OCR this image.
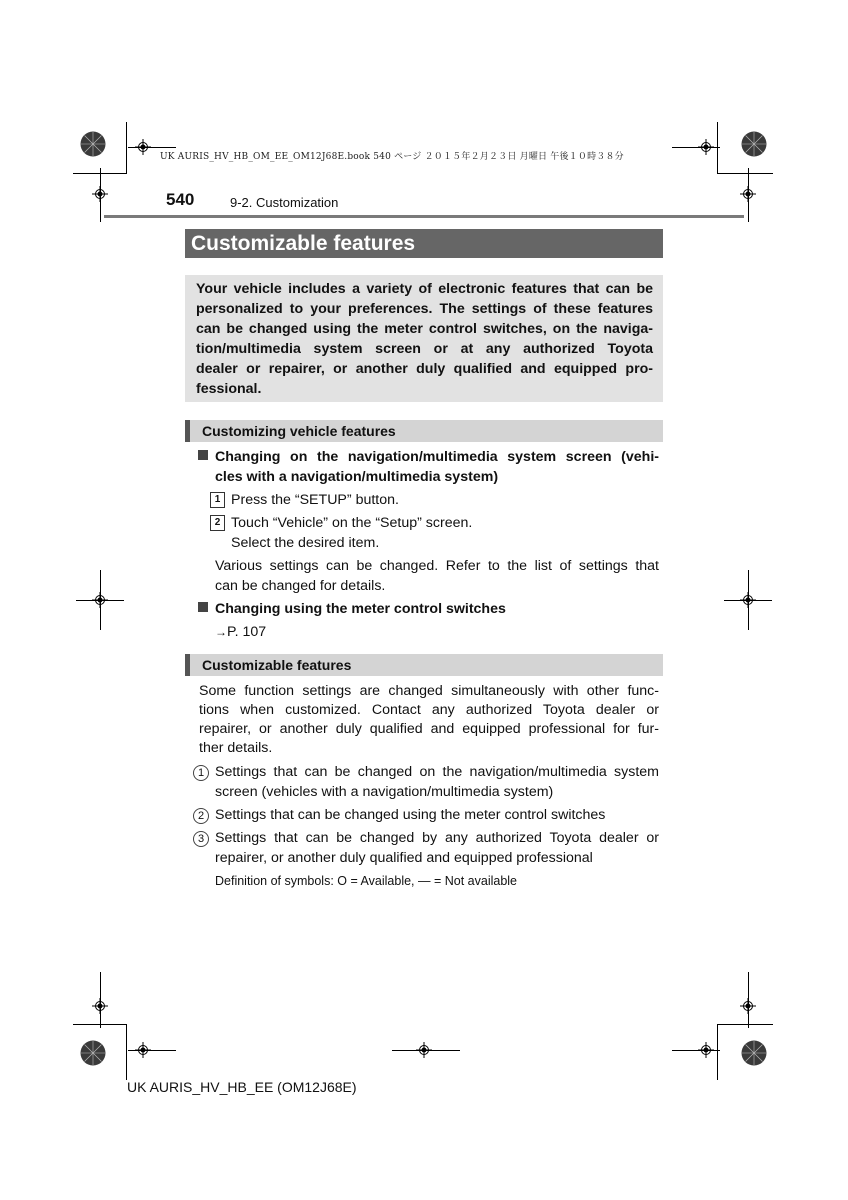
UK AURIS_HV_HB_OM_EE_OM12J68E.book 540 ページ ２０１５年２月２３日 月曜日 午後１０時３８分
540	9-2. Customization
Customizable features
Your vehicle includes a variety of electronic features that can be
personalized to your preferences. The settings of these features
can be changed using the meter control switches, on the naviga-
tion/multimedia system screen or at any authorized Toyota
dealer or repairer, or another duly qualified and equipped pro-
fessional.
Customizing vehicle features
Changing on the navigation/multimedia system screen (vehi-
cles with a navigation/multimedia system)
1 Press the “SETUP” button.
2 Touch “Vehicle” on the “Setup” screen.
Select the desired item.
Various settings can be changed. Refer to the list of settings that
can be changed for details.
Changing using the meter control switches
→P. 107
Customizable features
Some function settings are changed simultaneously with other func-
tions when customized. Contact any authorized Toyota dealer or
repairer, or another duly qualified and equipped professional for fur-
ther details.
1 Settings that can be changed on the navigation/multimedia system
screen (vehicles with a navigation/multimedia system)
2 Settings that can be changed using the meter control switches
3 Settings that can be changed by any authorized Toyota dealer or
repairer, or another duly qualified and equipped professional
Definition of symbols: O = Available, — = Not available
UK AURIS_HV_HB_EE (OM12J68E)
